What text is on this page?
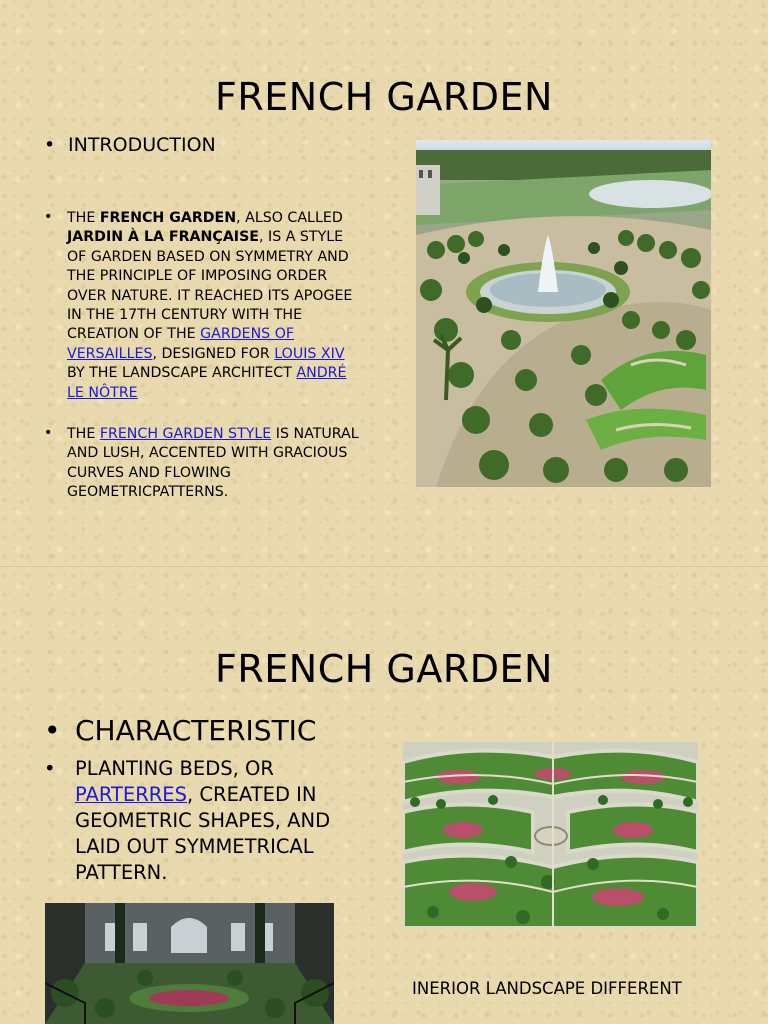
FRENCH GARDEN
• INTRODUCTION
•	THE FRENCH GARDEN, ALSO CALLED JARDIN À LA FRANÇAISE, IS A STYLE OF GARDEN BASED ON SYMMETRY AND THE PRINCIPLE OF IMPOSING ORDER OVER NATURE. IT REACHED ITS APOGEE IN THE 17TH CENTURY WITH THE CREATION OF THE GARDENS OF VERSAILLES, DESIGNED FOR LOUIS XIV BY THE LANDSCAPE ARCHITECT ANDRÉ LE NÔTRE
•	THE FRENCH GARDEN STYLE IS NATURAL AND LUSH, ACCENTED WITH GRACIOUS CURVES AND FLOWING GEOMETRICPATTERNS.
FRENCH GARDEN
• CHARACTERISTIC
• PLANTING BEDS, OR PARTERRES, CREATED IN GEOMETRIC SHAPES, AND LAID OUT SYMMETRICAL PATTERN.
INERIOR LANDSCAPE DIFFERENT
